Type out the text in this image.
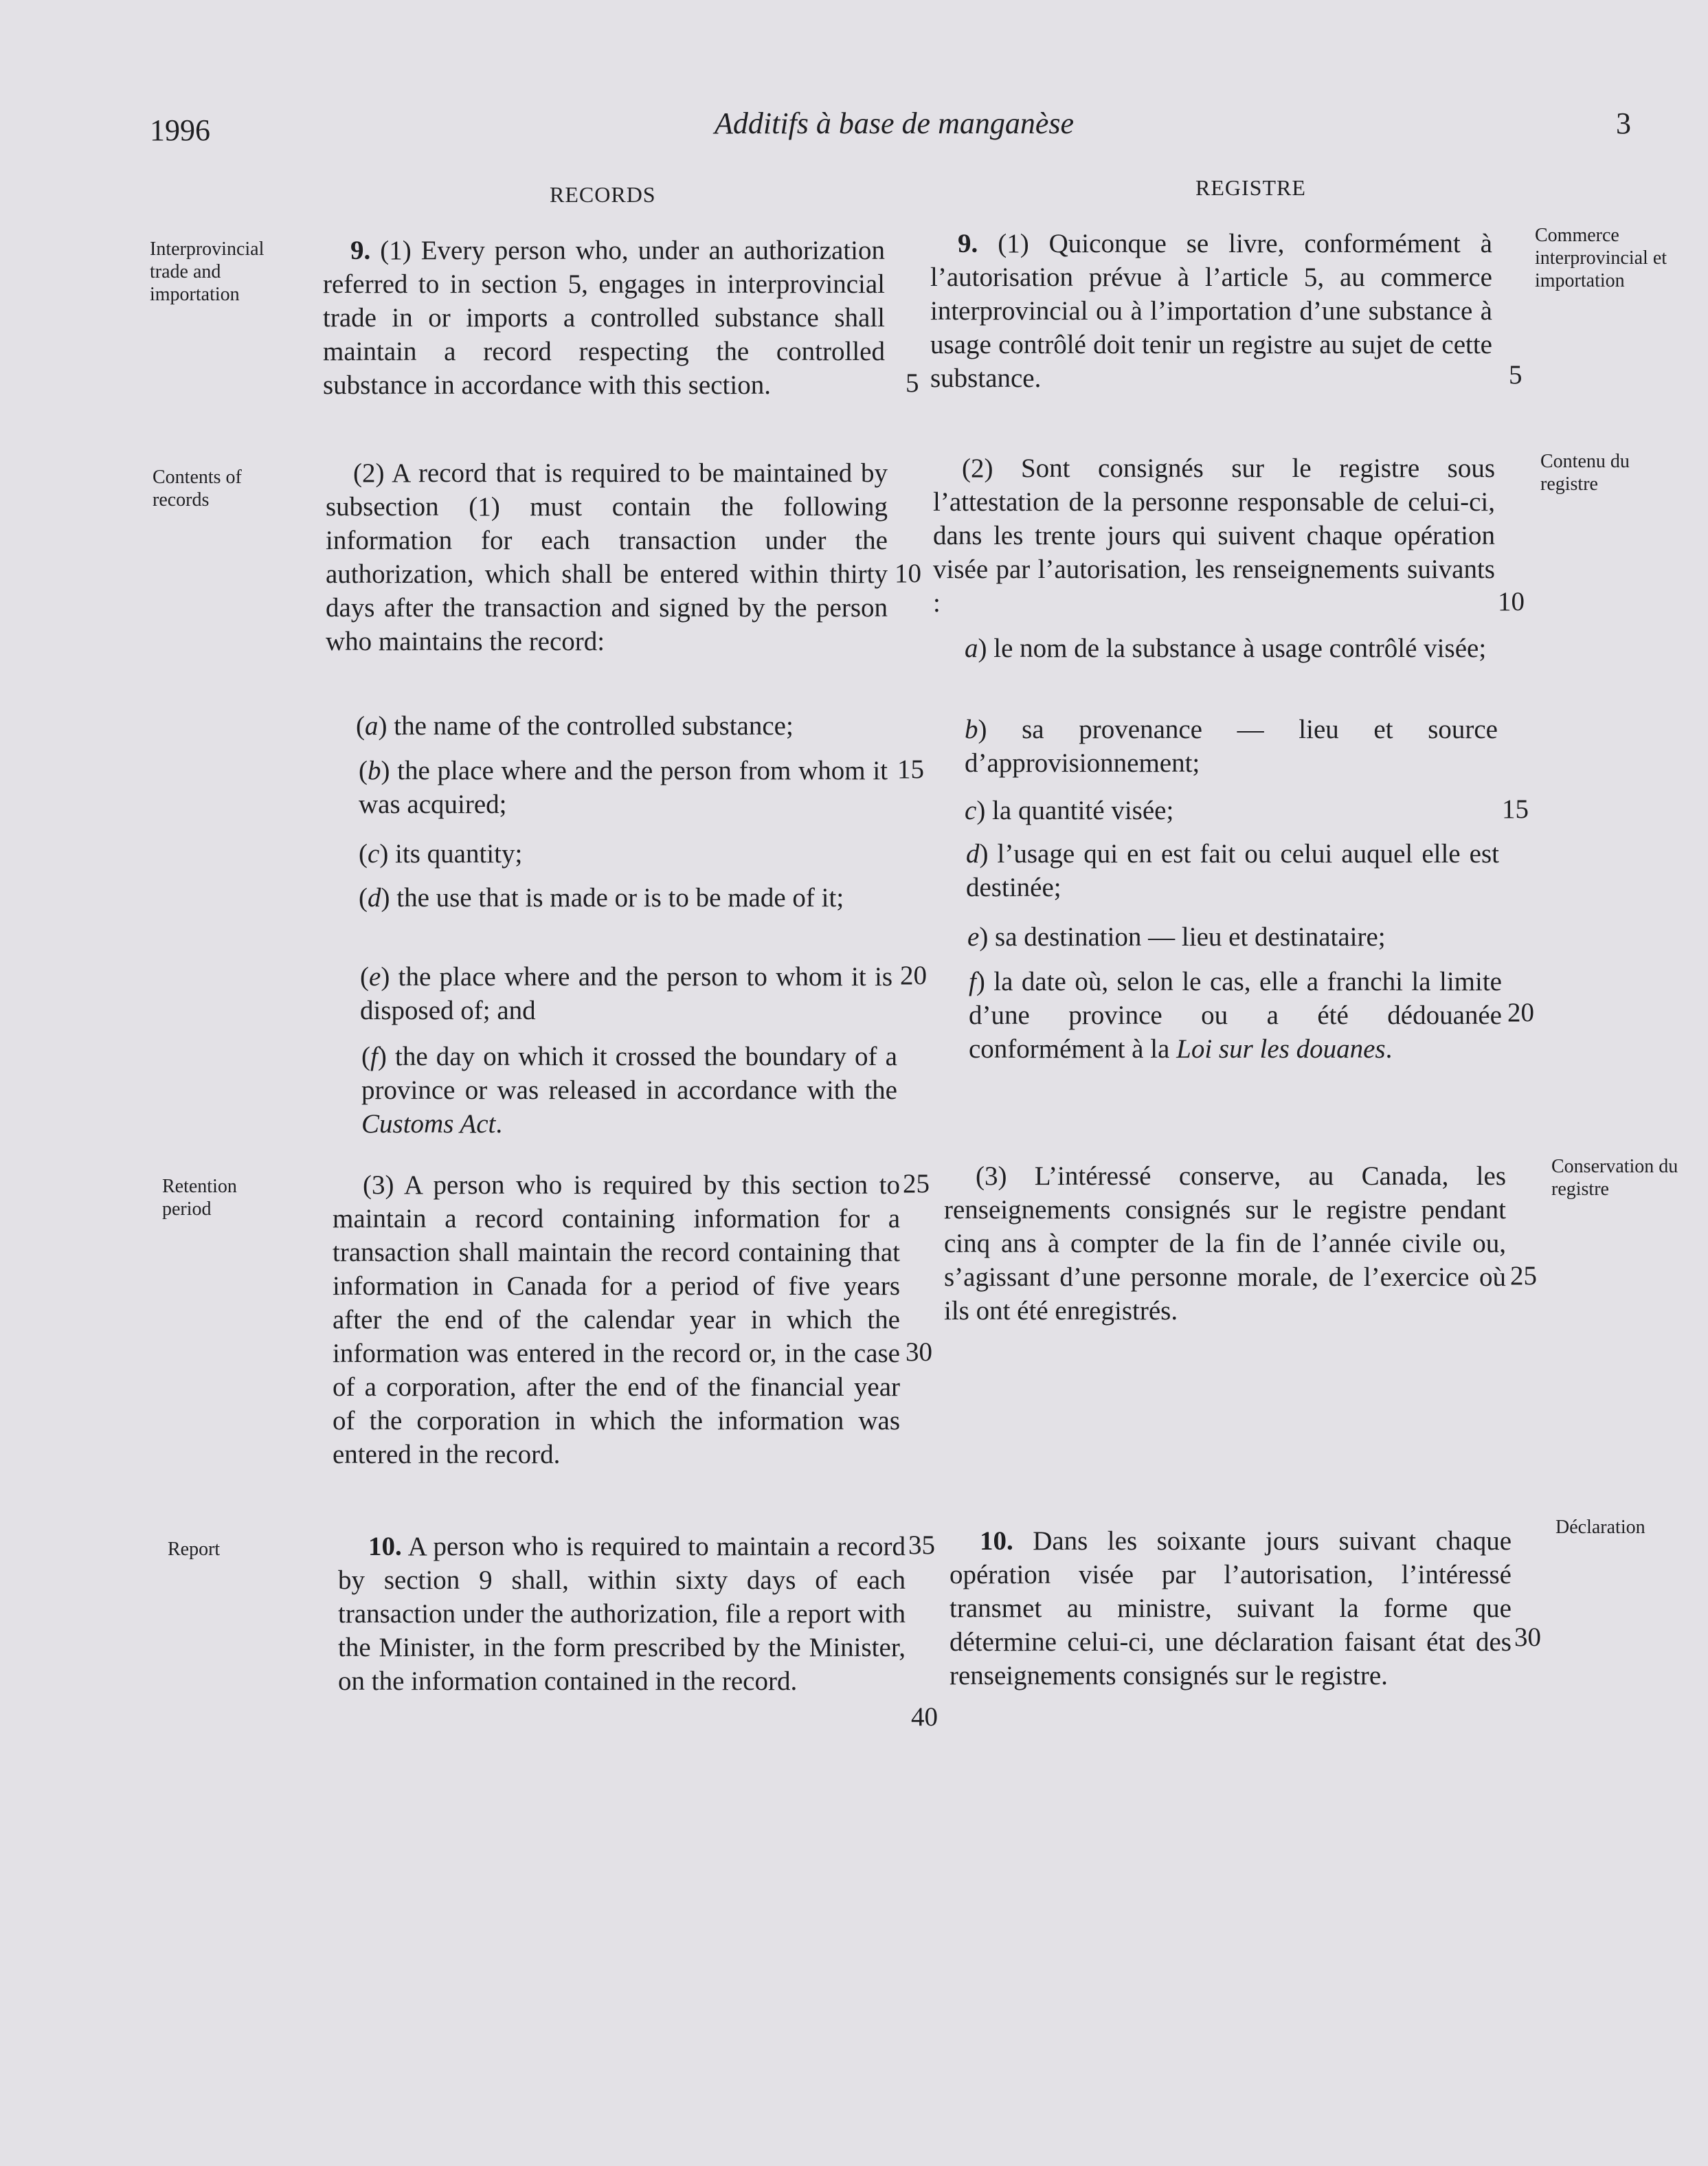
1996	Additifs à base de manganèse	3
RECORDS	REGISTRE
Interprovincial trade and importation
Contents of records
Retention period
Report
Commerce interprovincial et importation
Contenu du registre
Conservation du registre
Déclaration

9. (1) Every person who, under an authorization referred to in section 5, engages in interprovincial trade in or imports a controlled substance shall maintain a record respecting the controlled substance in accordance with this section.

(2) A record that is required to be maintained by subsection (1) must contain the following information for each transaction under the authorization, which shall be entered within thirty days after the transaction and signed by the person who maintains the record:

(a) the name of the controlled substance;

(b) the place where and the person from whom it was acquired;

(c) its quantity;

(d) the use that is made or is to be made of it;

(e) the place where and the person to whom it is disposed of; and

(f) the day on which it crossed the boundary of a province or was released in accordance with the Customs Act.

(3) A person who is required by this section to maintain a record containing information for a transaction shall maintain the record containing that information in Canada for a period of five years after the end of the calendar year in which the information was entered in the record or, in the case of a corporation, after the end of the financial year of the corporation in which the information was entered in the record.

10. A person who is required to maintain a record by section 9 shall, within sixty days of each transaction under the authorization, file a report with the Minister, in the form prescribed by the Minister, on the information contained in the record.

5
10
15
20
25
30
35
40

9. (1) Quiconque se livre, conformément à l’autorisation prévue à l’article 5, au commerce interprovincial ou à l’importation d’une substance à usage contrôlé doit tenir un registre au sujet de cette substance.

(2) Sont consignés sur le registre sous l’attestation de la personne responsable de celui-ci, dans les trente jours qui suivent chaque opération visée par l’autorisation, les renseignements suivants :

a) le nom de la substance à usage contrôlé visée;

b) sa provenance — lieu et source d’approvisionnement;

c) la quantité visée;

d) l’usage qui en est fait ou celui auquel elle est destinée;

e) sa destination — lieu et destinataire;

f) la date où, selon le cas, elle a franchi la limite d’une province ou a été dédouanée conformément à la Loi sur les douanes.

(3) L’intéressé conserve, au Canada, les renseignements consignés sur le registre pendant cinq ans à compter de la fin de l’année civile ou, s’agissant d’une personne morale, de l’exercice où ils ont été enregistrés.

10. Dans les soixante jours suivant chaque opération visée par l’autorisation, l’intéressé transmet au ministre, suivant la forme que détermine celui-ci, une déclaration faisant état des renseignements consignés sur le registre.

5
10
15
20
25
30
